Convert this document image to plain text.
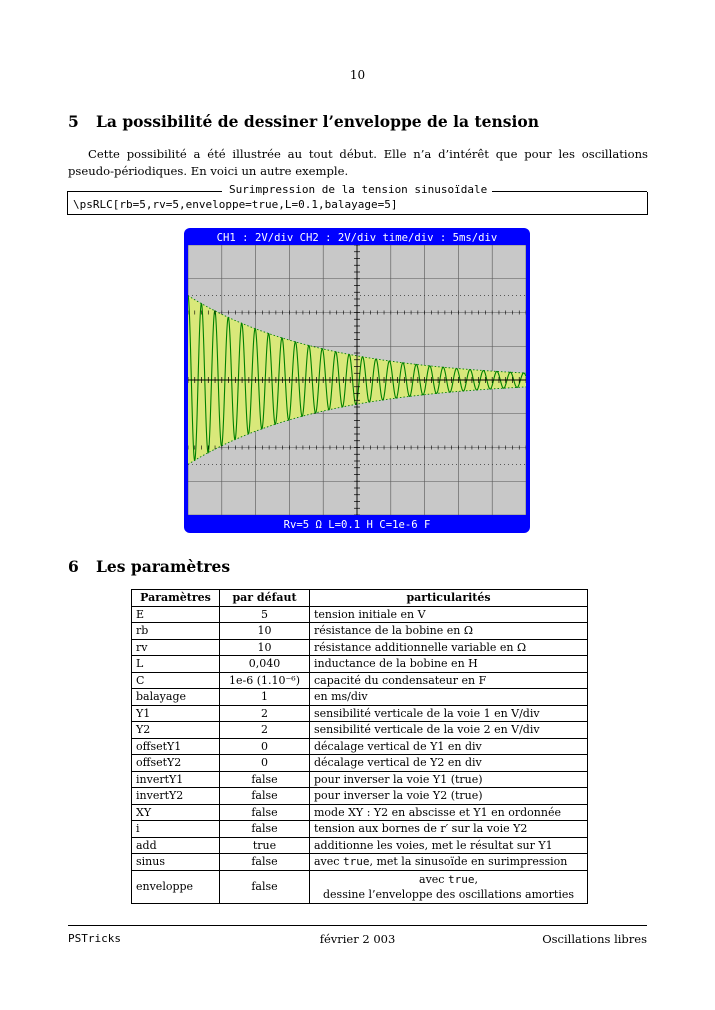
10
5 La possibilité de dessiner l’enveloppe de la tension
Cette possibilité a été illustrée au tout début. Elle n’a d’intérêt que pour les oscillations pseudo-périodiques. En voici un autre exemple.
Surimpression de la tension sinusoïdale
\psRLC[rb=5,rv=5,enveloppe=true,L=0.1,balayage=5]
CH1 : 2V/div CH2 : 2V/div time/div : 5ms/div
Rv=5 Ω L=0.1 H C=1e-6 F
6 Les paramètres
Paramètres	par défaut	particularités
E	5	tension initiale en V
rb	10	résistance de la bobine en Ω
rv	10	résistance additionnelle variable en Ω
L	0,040	inductance de la bobine en H
C	1e-6 (1.10⁻⁶)	capacité du condensateur en F
balayage	1	en ms/div
Y1	2	sensibilité verticale de la voie 1 en V/div
Y2	2	sensibilité verticale de la voie 2 en V/div
offsetY1	0	décalage vertical de Y1 en div
offsetY2	0	décalage vertical de Y2 en div
invertY1	false	pour inverser la voie Y1 (true)
invertY2	false	pour inverser la voie Y2 (true)
XY	false	mode XY : Y2 en abscisse et Y1 en ordonnée
i	false	tension aux bornes de r′ sur la voie Y2
add	true	additionne les voies, met le résultat sur Y1
sinus	false	avec true, met la sinusoïde en surimpression
enveloppe	false	avec true,
dessine l’enveloppe des oscillations amorties
PSTricks	février 2 003	Oscillations libres
